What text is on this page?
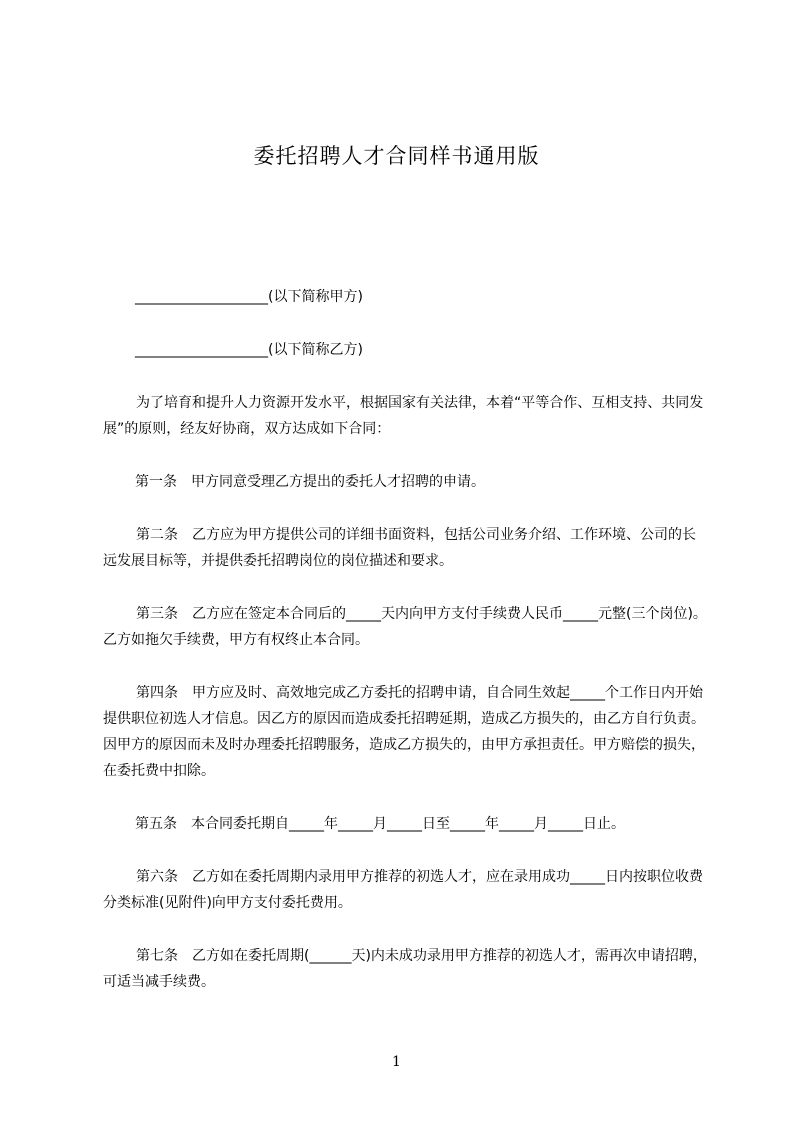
委托招聘人才合同样书通用版

___________________(以下简称甲方)

___________________(以下简称乙方)

为了培育和提升人力资源开发水平，根据国家有关法律，本着“平等合作、互相支持、共同发展”的原则，经友好协商，双方达成如下合同：

第一条　甲方同意受理乙方提出的委托人才招聘的申请。

第二条　乙方应为甲方提供公司的详细书面资料，包括公司业务介绍、工作环境、公司的长远发展目标等，并提供委托招聘岗位的岗位描述和要求。

第三条　乙方应在签定本合同后的_____天内向甲方支付手续费人民币_____元整(三个岗位)。乙方如拖欠手续费，甲方有权终止本合同。

第四条　甲方应及时、高效地完成乙方委托的招聘申请，自合同生效起_____个工作日内开始提供职位初选人才信息。因乙方的原因而造成委托招聘延期，造成乙方损失的，由乙方自行负责。因甲方的原因而未及时办理委托招聘服务，造成乙方损失的，由甲方承担责任。甲方赔偿的损失，在委托费中扣除。

第五条　本合同委托期自_____年_____月_____日至_____年_____月_____日止。

第六条　乙方如在委托周期内录用甲方推荐的初选人才，应在录用成功_____日内按职位收费分类标准(见附件)向甲方支付委托费用。

第七条　乙方如在委托周期(______天)内未成功录用甲方推荐的初选人才，需再次申请招聘，可适当减手续费。

1
